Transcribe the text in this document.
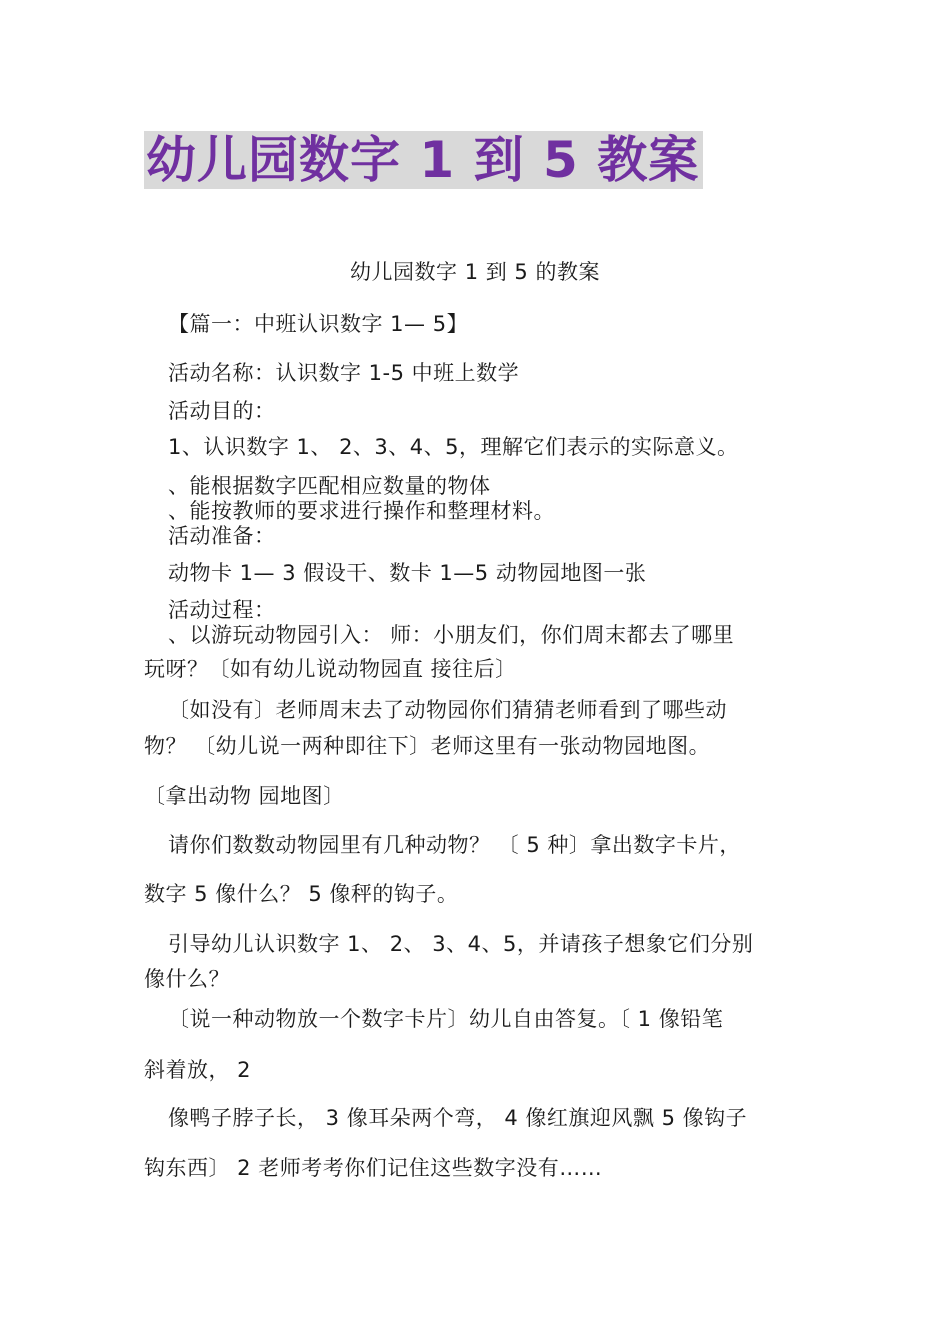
幼儿园数字 1 到 5 教案
幼儿园数字 1 到 5 的教案
【篇一：中班认识数字 1— 5】
活动名称：认识数字 1-5 中班上数学
活动目的：
1、认识数字 1、 2、3、4、5，理解它们表示的实际意义。
、能根据数字匹配相应数量的物体
、能按教师的要求进行操作和整理材料。
活动准备：
动物卡 1— 3 假设干、数卡 1—5 动物园地图一张
活动过程：
、以游玩动物园引入： 师：小朋友们，你们周末都去了哪里
玩呀？〔如有幼儿说动物园直 接往后〕
〔如没有〕老师周末去了动物园你们猜猜老师看到了哪些动
物？ 〔幼儿说一两种即往下〕老师这里有一张动物园地图。
〔拿出动物 园地图〕
请你们数数动物园里有几种动物？ 〔 5 种〕拿出数字卡片，
数字 5 像什么？ 5 像秤的钩子。
引导幼儿认识数字 1、 2、 3、4、5，并请孩子想象它们分别
像什么？
〔说一种动物放一个数字卡片〕幼儿自由答复。〔 1 像铅笔
斜着放， 2
像鸭子脖子长， 3 像耳朵两个弯， 4 像红旗迎风飘 5 像钩子
钩东西〕 2 老师考考你们记住这些数字没有……
